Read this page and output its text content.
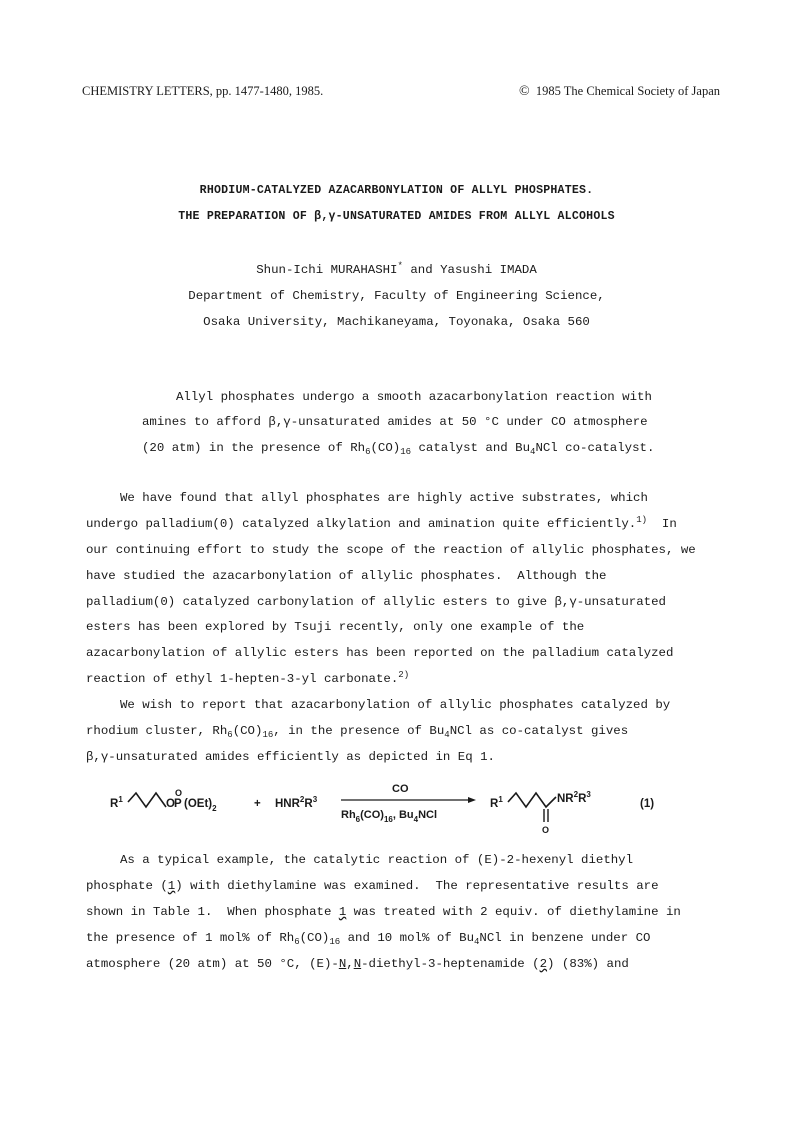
CHEMISTRY LETTERS, pp. 1477-1480, 1985.	© 1985 The Chemical Society of Japan
RHODIUM-CATALYZED AZACARBONYLATION OF ALLYL PHOSPHATES.
THE PREPARATION OF β,γ-UNSATURATED AMIDES FROM ALLYL ALCOHOLS
Shun-Ichi MURAHASHI* and Yasushi IMADA
Department of Chemistry, Faculty of Engineering Science,
Osaka University, Machikaneyama, Toyonaka, Osaka 560
Allyl phosphates undergo a smooth azacarbonylation reaction with
amines to afford β,γ-unsaturated amides at 50 °C under CO atmosphere
(20 atm) in the presence of $Rh_6(CO)_{16}$ catalyst and $Bu_4NCl$ co-catalyst.
We have found that allyl phosphates are highly active substrates, which
undergo palladium(0) catalyzed alkylation and amination quite efficiently.$^{1)}$  In
our continuing effort to study the scope of the reaction of allylic phosphates, we
have studied the azacarbonylation of allylic phosphates.  Although the
palladium(0) catalyzed carbonylation of allylic esters to give β,γ-unsaturated
esters has been explored by Tsuji recently, only one example of the
azacarbonylation of allylic esters has been reported on the palladium catalyzed
reaction of ethyl 1-hepten-3-yl carbonate.$^{2)}$
We wish to report that azacarbonylation of allylic phosphates catalyzed by
rhodium cluster, $Rh_6(CO)_{16}$, in the presence of $Bu_4NCl$ as co-catalyst gives
β,γ-unsaturated amides efficiently as depicted in Eq 1.
$R^1$	O P
O
$(OEt)_2$	+ $HNR^2R^3$
CO
$Rh_6(CO)_{16}$, $Bu_4NCl$
$R^1$
O
$NR^2R^3$
(1)
As a typical example, the catalytic reaction of (E)-2-hexenyl diethyl
phosphate (1) with diethylamine was examined.  The representative results are
shown in Table 1.  When phosphate 1 was treated with 2 equiv. of diethylamine in
the presence of 1 mol% of $Rh_6(CO)_{16}$ and 10 mol% of $Bu_4NCl$ in benzene under CO
atmosphere (20 atm) at 50 °C, (E)-N,N-diethyl-3-heptenamide (2) (83%) and
